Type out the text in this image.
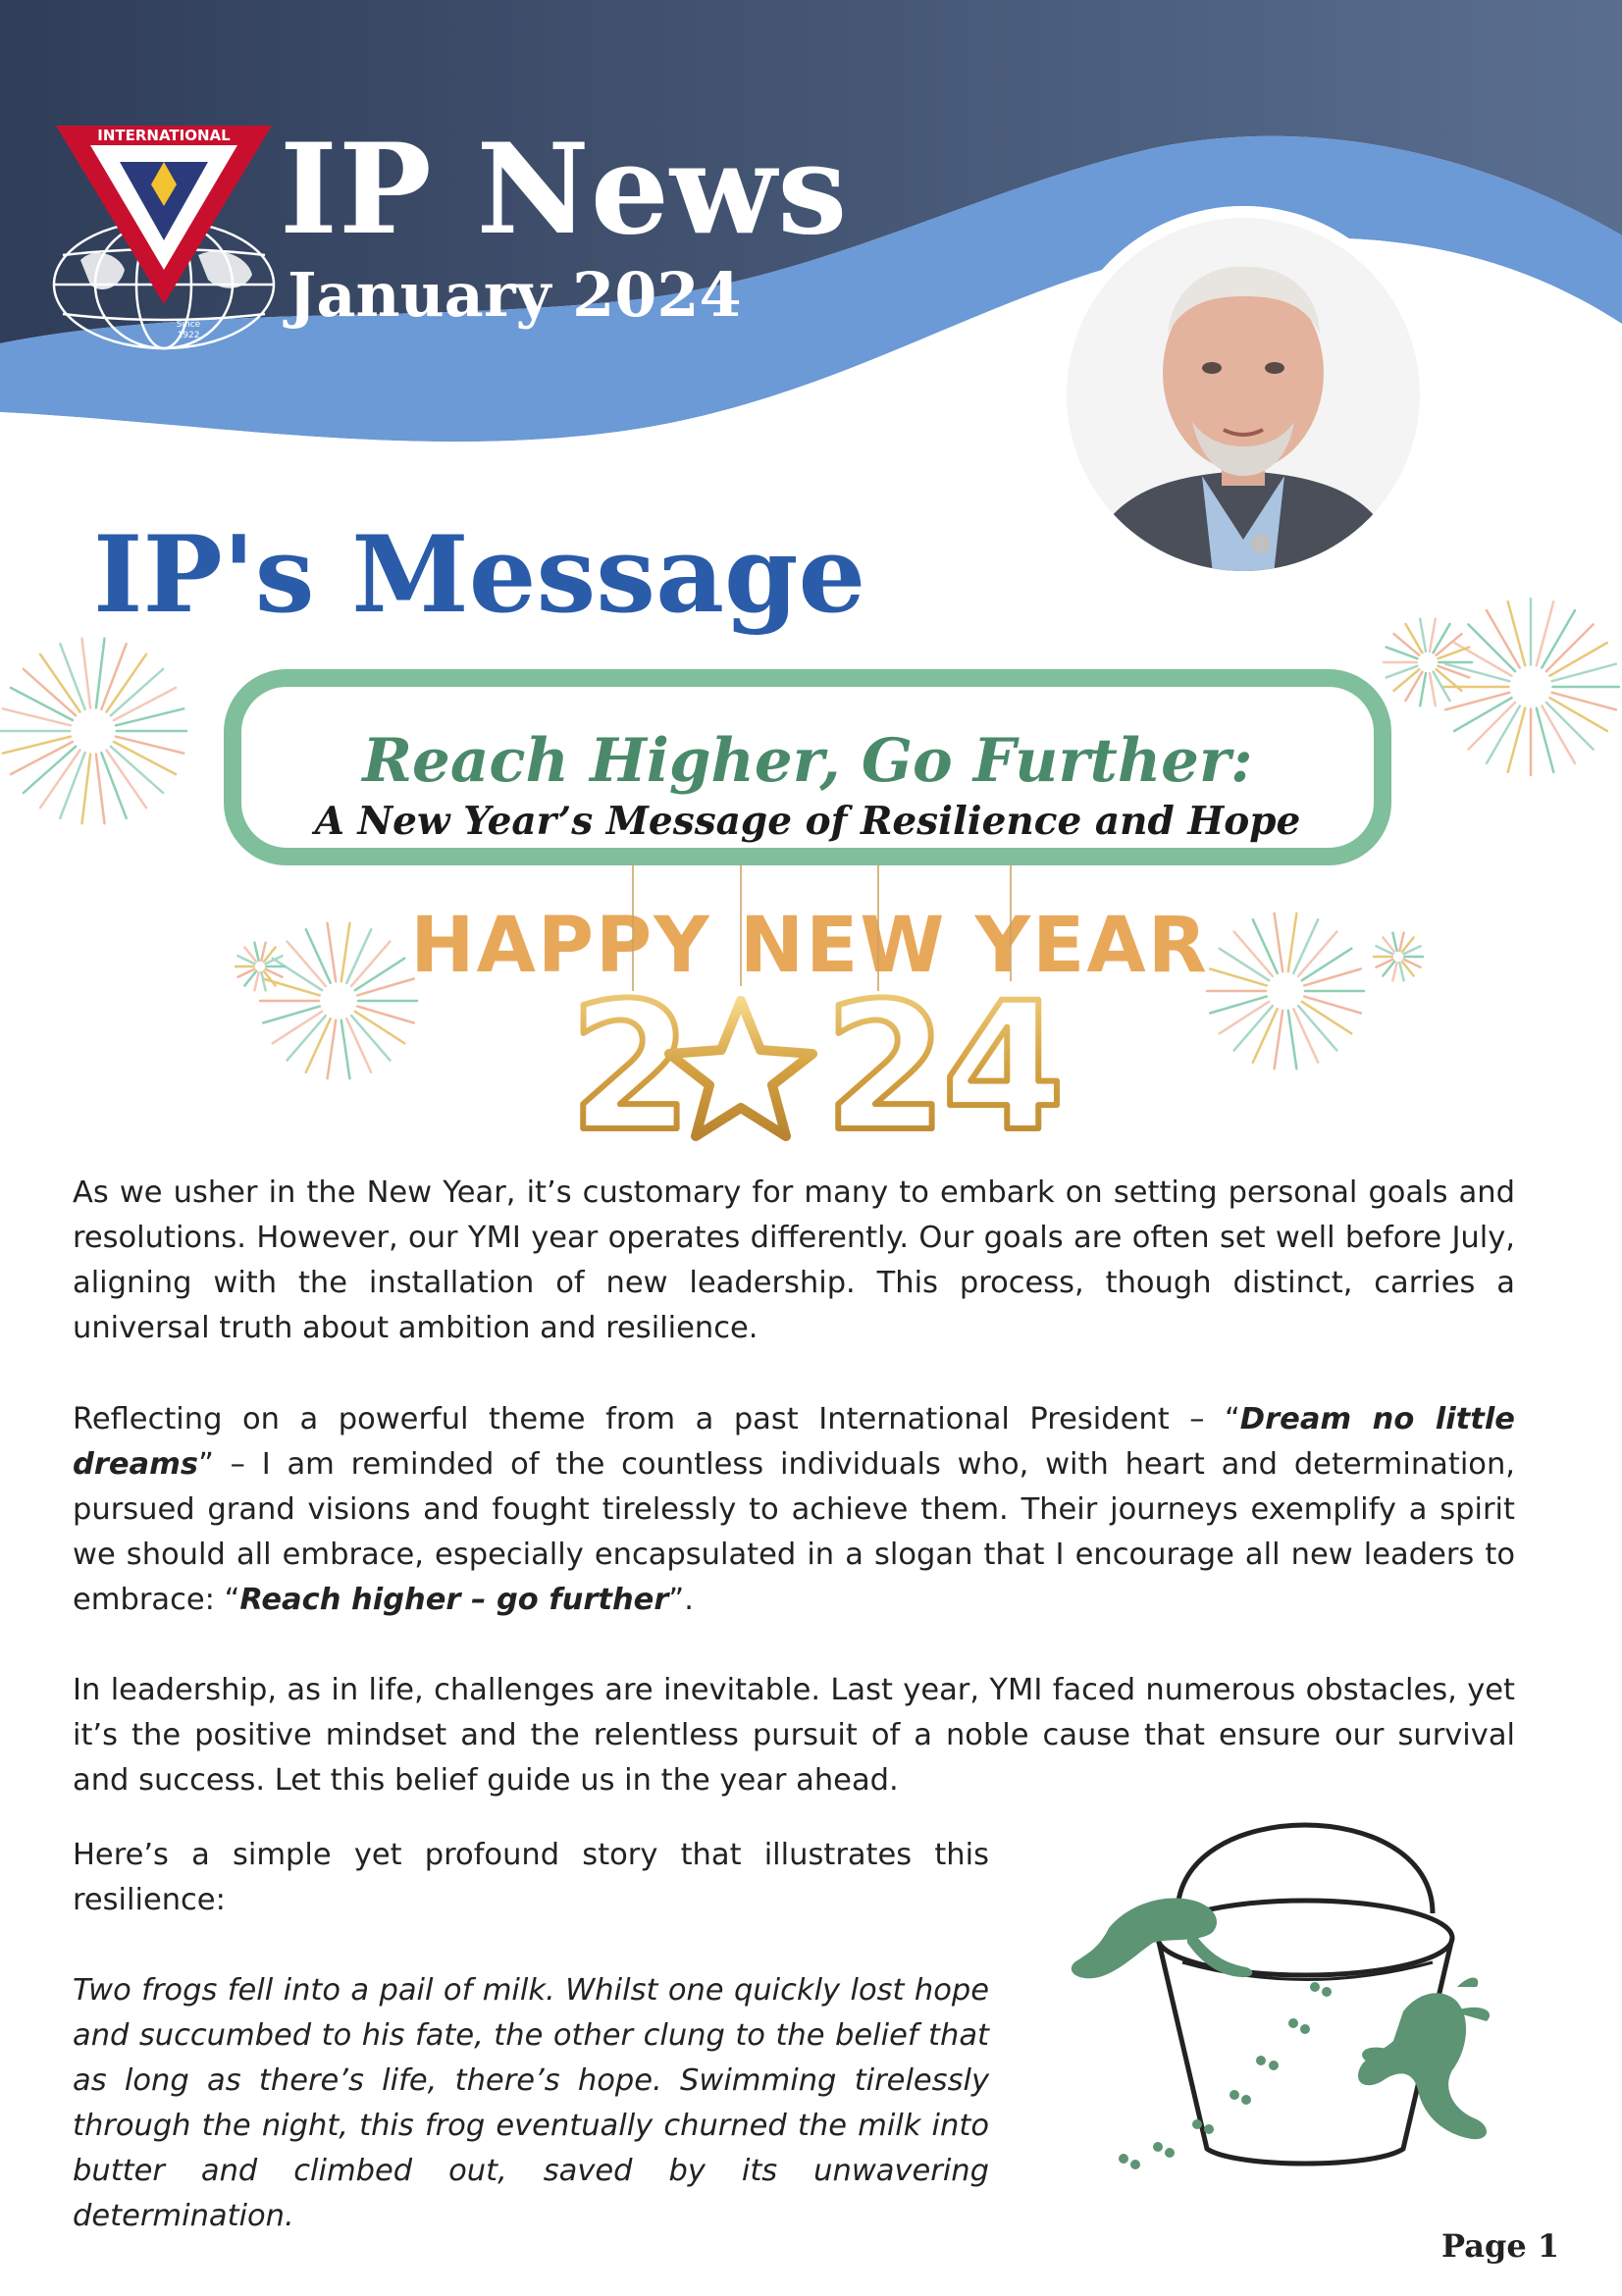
INTERNATIONAL
Since
1922
IP News
January 2024
IP's Message
Reach Higher, Go Further:
A New Year’s Message of Resilience and Hope
HAPPY NEW YEAR
2 2
4

As we usher in the New Year, it’s customary for many to embark on setting personal goals and resolutions. However, our YMI year operates differently. Our goals are often set well before July, aligning with the installation of new leadership. This process, though distinct, carries a universal truth about ambition and resilience.

Reflecting on a powerful theme from a past International President – “Dream no little dreams” – I am reminded of the countless individuals who, with heart and determination, pursued grand visions and fought tirelessly to achieve them. Their journeys exemplify a spirit we should all embrace, especially encapsulated in a slogan that I encourage all new leaders to embrace: “Reach higher – go further”.

In leadership, as in life, challenges are inevitable. Last year, YMI faced numerous obstacles, yet it’s the positive mindset and the relentless pursuit of a noble cause that ensure our survival and success. Let this belief guide us in the year ahead.

Here’s a simple yet profound story that illustrates this resilience:

Two frogs fell into a pail of milk. Whilst one quickly lost hope and succumbed to his fate, the other clung to the belief that as long as there’s life, there’s hope. Swimming tirelessly through the night, this frog eventually churned the milk into butter and climbed out, saved by its unwavering determination.

Page 1
